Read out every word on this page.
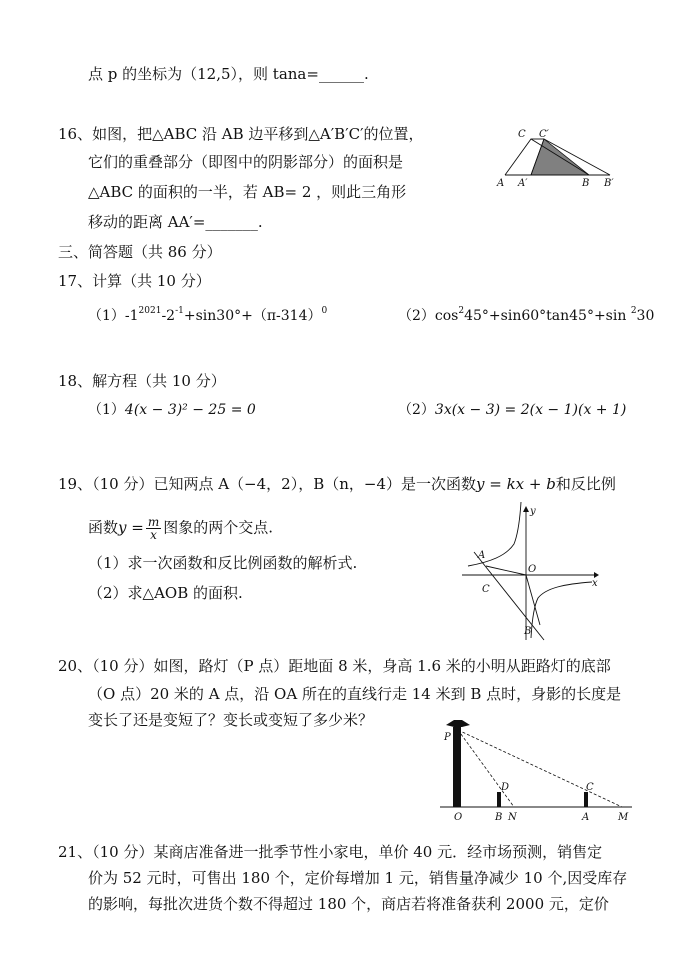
点 p 的坐标为（12,5），则 tana=______.
16、如图，把△ABC 沿 AB 边平移到△A′B′C′的位置，
它们的重叠部分（即图中的阴影部分）的面积是
△ABC 的面积的一半，若 AB= 2 ，则此三角形
移动的距离 AA′=_______.
C C′
A A′	B B′
三、简答题（共 86 分）
17、计算（共 10 分）
$(1)-1^{2021}-2^{-1}+\sin 30^\circ+(\pi-314)^0$	$(2)\cos^245^\circ+\sin 60^\circ\tan 45^\circ+\sin$ $^2$30
18、解方程（共 10 分）
（1）4(x − 3)² − 25 = 0	（2）3x(x − 3) = 2(x − 1)(x + 1)
19、（10 分）已知两点 A（−4，2），B（n，−4）是一次函数y = kx + b和反比例
函数$y = \frac{m}{x}$ 图象的两个交点.
（1）求一次函数和反比例函数的解析式.
（2）求△AOB 的面积.
y
x
A
O
C
B
20、（10 分）如图，路灯（P 点）距地面 8 米，身高 1.6 米的小明从距路灯的底部
（O 点）20 米的 A 点，沿 OA 所在的直线行走 14 米到 B 点时，身影的长度是
变长了还是变短了？变长或变短了多少米？
P
D	C
O	B N	A	M
21、（10 分）某商店准备进一批季节性小家电，单价 40 元．经市场预测，销售定
价为 52 元时，可售出 180 个，定价每增加 1 元，销售量净减少 10 个,因受库存
的影响，每批次进货个数不得超过 180 个，商店若将准备获利 2000 元，定价
